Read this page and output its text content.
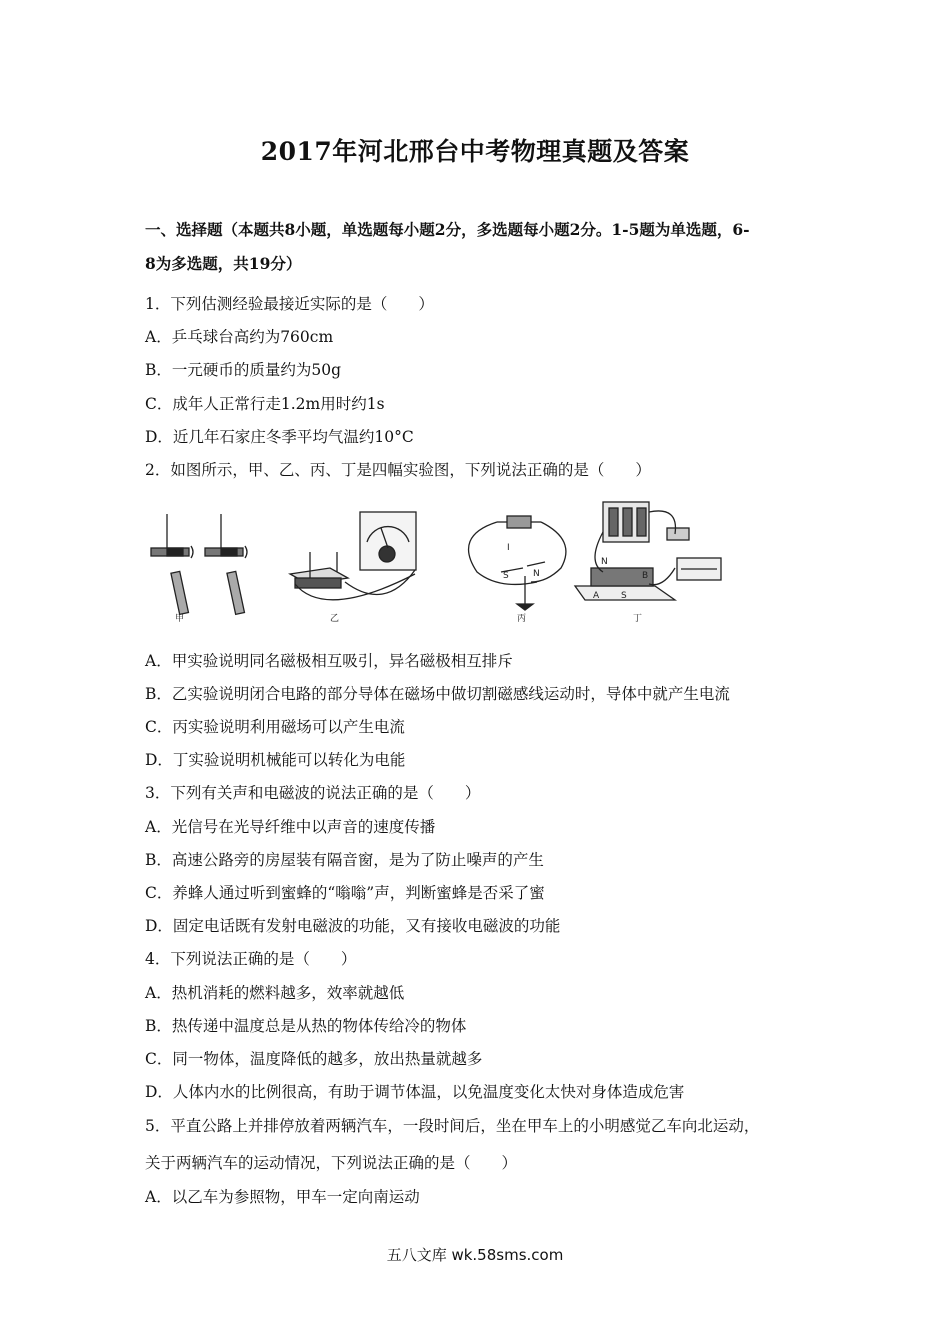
2017年河北邢台中考物理真题及答案
一、选择题（本题共8小题，单选题每小题2分，多选题每小题2分。1-5题为单选题，6-
8为多选题，共19分）
1．下列估测经验最接近实际的是（　　）
A．乒乓球台高约为760cm
B．一元硬币的质量约为50g
C．成年人正常行走1.2m用时约1s
D．近几年石家庄冬季平均气温约10°C
2．如图所示，甲、乙、丙、丁是四幅实验图，下列说法正确的是（　　）
甲	乙
I
S	N
丙
N
B
A S
丁
A．甲实验说明同名磁极相互吸引，异名磁极相互排斥
B．乙实验说明闭合电路的部分导体在磁场中做切割磁感线运动时，导体中就产生电流
C．丙实验说明利用磁场可以产生电流
D．丁实验说明机械能可以转化为电能
3．下列有关声和电磁波的说法正确的是（　　）
A．光信号在光导纤维中以声音的速度传播
B．高速公路旁的房屋装有隔音窗，是为了防止噪声的产生
C．养蜂人通过听到蜜蜂的“嗡嗡”声，判断蜜蜂是否采了蜜
D．固定电话既有发射电磁波的功能，又有接收电磁波的功能
4．下列说法正确的是（　　）
A．热机消耗的燃料越多，效率就越低
B．热传递中温度总是从热的物体传给冷的物体
C．同一物体，温度降低的越多，放出热量就越多
D．人体内水的比例很高，有助于调节体温，以免温度变化太快对身体造成危害
5．平直公路上并排停放着两辆汽车，一段时间后，坐在甲车上的小明感觉乙车向北运动，
关于两辆汽车的运动情况，下列说法正确的是（　　）
A．以乙车为参照物，甲车一定向南运动
五八文库 wk.58sms.com
